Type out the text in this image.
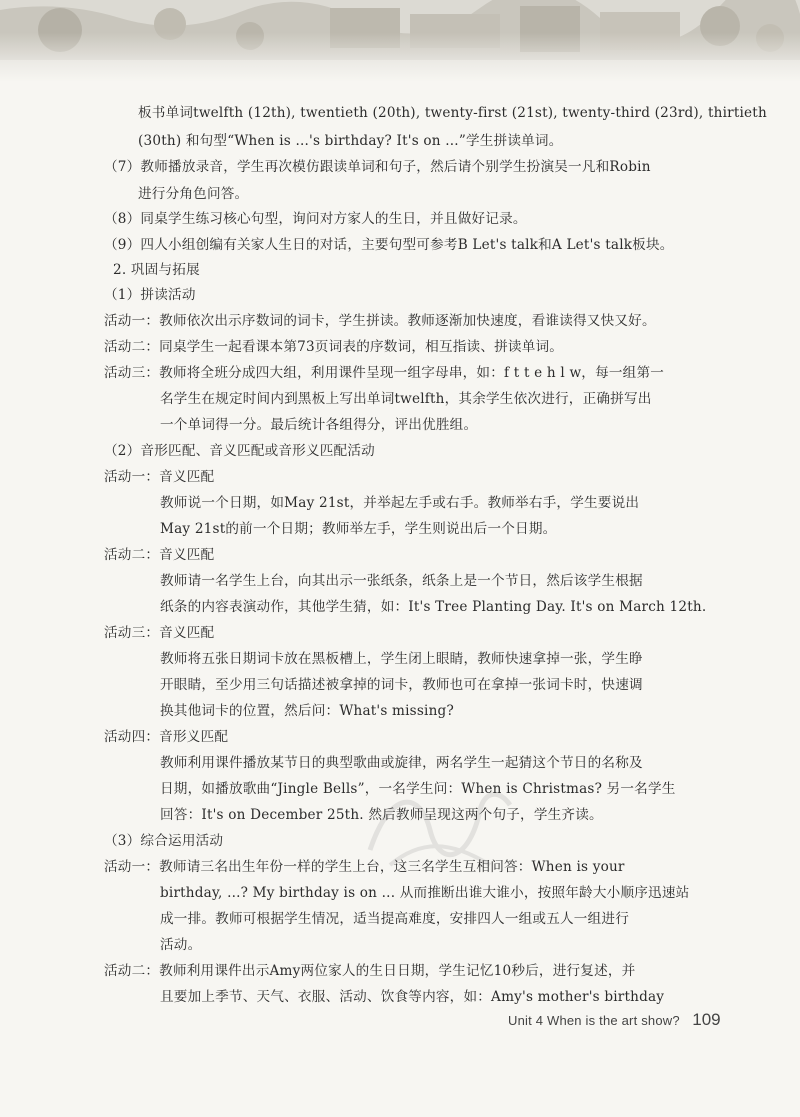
板书单词twelfth (12th), twentieth (20th), twenty-first (21st), twenty-third (23rd), thirtieth
(30th) 和句型“When is ...'s birthday? It's on ...”学生拼读单词。
（7）教师播放录音，学生再次模仿跟读单词和句子，然后请个别学生扮演吴一凡和Robin
进行分角色问答。
（8）同桌学生练习核心句型，询问对方家人的生日，并且做好记录。
（9）四人小组创编有关家人生日的对话，主要句型可参考B Let's talk和A Let's talk板块。
2. 巩固与拓展
（1）拼读活动
活动一：教师依次出示序数词的词卡，学生拼读。教师逐渐加快速度，看谁读得又快又好。
活动二：同桌学生一起看课本第73页词表的序数词，相互指读、拼读单词。
活动三：教师将全班分成四大组，利用课件呈现一组字母串，如：f t t e h l w，每一组第一
名学生在规定时间内到黑板上写出单词twelfth，其余学生依次进行，正确拼写出
一个单词得一分。最后统计各组得分，评出优胜组。
（2）音形匹配、音义匹配或音形义匹配活动
活动一：音义匹配
教师说一个日期，如May 21st，并举起左手或右手。教师举右手，学生要说出
May 21st的前一个日期；教师举左手，学生则说出后一个日期。
活动二：音义匹配
教师请一名学生上台，向其出示一张纸条，纸条上是一个节日，然后该学生根据
纸条的内容表演动作，其他学生猜，如：It's Tree Planting Day. It's on March 12th.
活动三：音义匹配
教师将五张日期词卡放在黑板槽上，学生闭上眼睛，教师快速拿掉一张，学生睁
开眼睛，至少用三句话描述被拿掉的词卡，教师也可在拿掉一张词卡时，快速调
换其他词卡的位置，然后问：What's missing?
活动四：音形义匹配
教师利用课件播放某节日的典型歌曲或旋律，两名学生一起猜这个节日的名称及
日期，如播放歌曲“Jingle Bells”，一名学生问：When is Christmas? 另一名学生
回答：It's on December 25th. 然后教师呈现这两个句子，学生齐读。
（3）综合运用活动
活动一：教师请三名出生年份一样的学生上台，这三名学生互相问答：When is your
birthday, ...? My birthday is on ... 从而推断出谁大谁小，按照年龄大小顺序迅速站
成一排。教师可根据学生情况，适当提高难度，安排四人一组或五人一组进行
活动。
活动二：教师利用课件出示Amy两位家人的生日日期，学生记忆10秒后，进行复述，并
且要加上季节、天气、衣服、活动、饮食等内容，如：Amy's mother's birthday
Unit 4 When is the art show? 109
